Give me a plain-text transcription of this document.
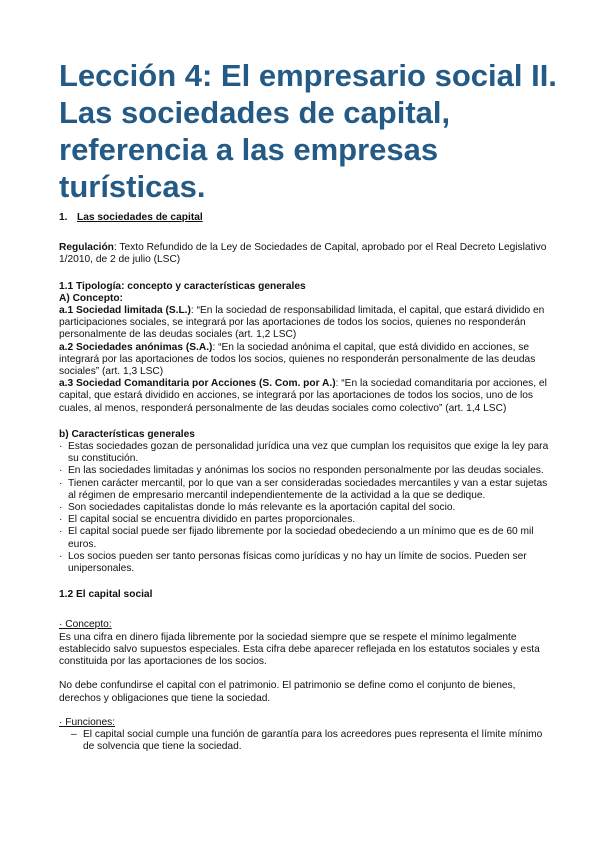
Lección 4: El empresario social II.
Las sociedades de capital,
referencia a las empresas
turísticas.

1. Las sociedades de capital

Regulación: Texto Refundido de la Ley de Sociedades de Capital, aprobado por el Real Decreto Legislativo 1/2010, de 2 de julio (LSC)

1.1 Tipología: concepto y características generales

A) Concepto:

a.1 Sociedad limitada (S.L.): “En la sociedad de responsabilidad limitada, el capital, que estará dividido en participaciones sociales, se integrará por las aportaciones de todos los socios, quienes no responderán personalmente de las deudas sociales (art. 1,2 LSC)

a.2 Sociedades anónimas (S.A.): “En la sociedad anónima el capital, que está dividido en acciones, se integrará por las aportaciones de todos los socios, quienes no responderán personalmente de las deudas sociales” (art. 1,3 LSC)

a.3 Sociedad Comanditaria por Acciones (S. Com. por A.): “En la sociedad comanditaria por acciones, el capital, que estará dividido en acciones, se integrará por las aportaciones de todos los socios, uno de los cuales, al menos, responderá personalmente de las deudas sociales como colectivo” (art. 1,4 LSC)

b) Características generales

· Estas sociedades gozan de personalidad jurídica una vez que cumplan los requisitos que exige la ley para su constitución.
· En las sociedades limitadas y anónimas los socios no responden personalmente por las deudas sociales.
· Tienen carácter mercantil, por lo que van a ser consideradas sociedades mercantiles y van a estar sujetas al régimen de empresario mercantil independientemente de la actividad a la que se dedique.
· Son sociedades capitalistas donde lo más relevante es la aportación capital del socio.
· El capital social se encuentra dividido en partes proporcionales.
· El capital social puede ser fijado libremente por la sociedad obedeciendo a un mínimo que es de 60 mil euros.
· Los socios pueden ser tanto personas físicas como jurídicas y no hay un límite de socios. Pueden ser unipersonales.

1.2 El capital social

· Concepto:

Es una cifra en dinero fijada libremente por la sociedad siempre que se respete el mínimo legalmente establecido salvo supuestos especiales. Esta cifra debe aparecer reflejada en los estatutos sociales y esta constituida por las aportaciones de los socios.

No debe confundirse el capital con el patrimonio. El patrimonio se define como el conjunto de bienes, derechos y obligaciones que tiene la sociedad.

· Funciones:

– El capital social cumple una función de garantía para los acreedores pues representa el límite mínimo de solvencia que tiene la sociedad.
